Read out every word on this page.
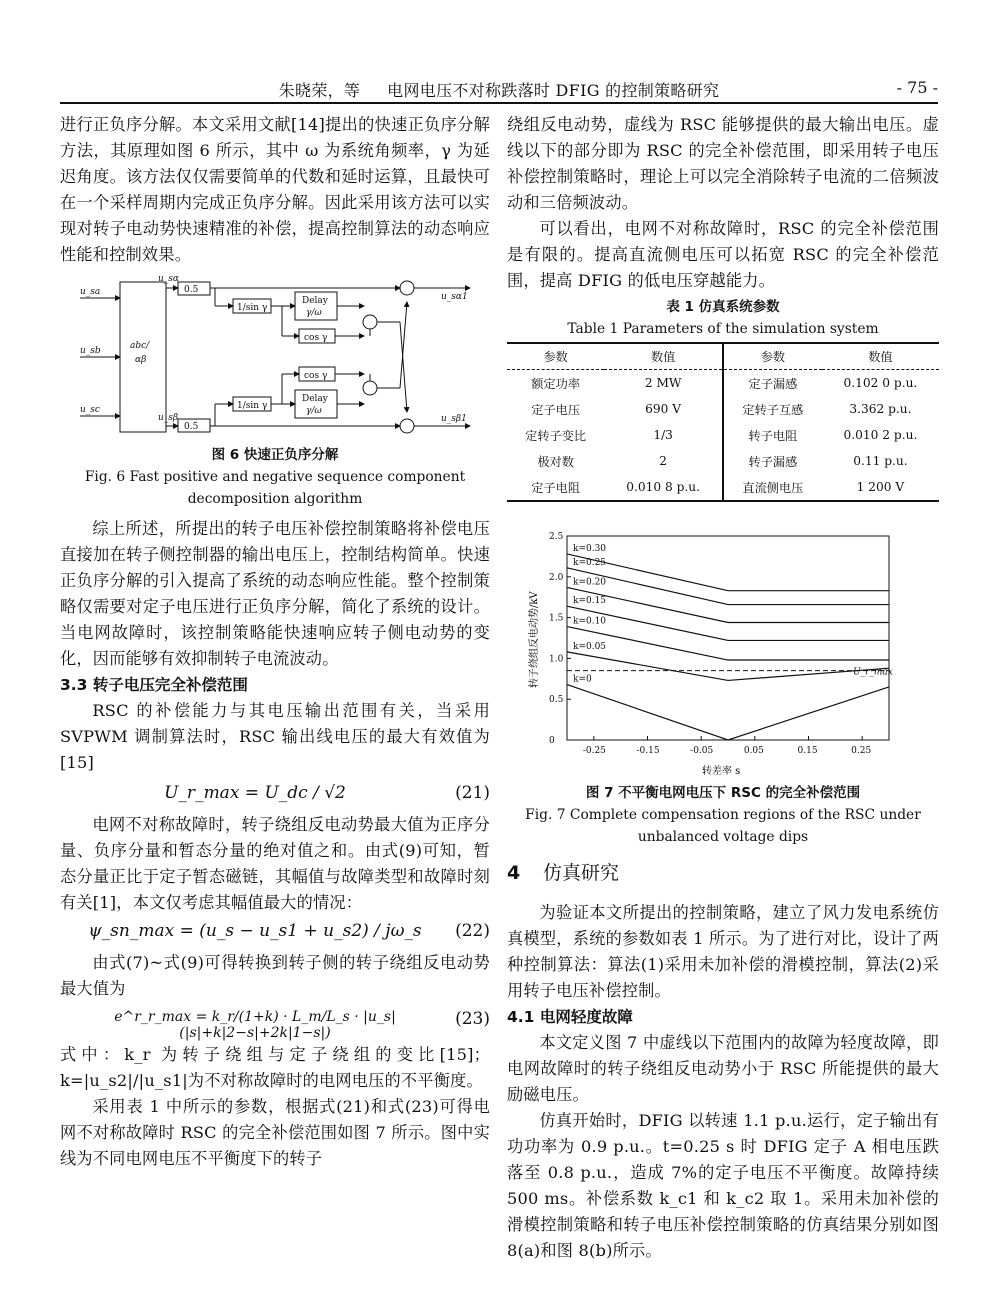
朱晓荣，等 电网电压不对称跌落时 DFIG 的控制策略研究	- 75 -

进行正负序分解。本文采用文献[14]提出的快速正负序分解方法，其原理如图 6 所示，其中 ω 为系统角频率，γ 为延迟角度。该方法仅仅需要简单的代数和延时运算，且最快可在一个采样周期内完成正负序分解。因此采用该方法可以实现对转子电动势快速精准的补偿，提高控制算法的动态响应性能和控制效果。

u_sa
u_sb
u_sc
abc/
αβ
u_sα
u_sβ
0.5
0.5
1/sin γ
1/sin γ
Delay
γ/ω
Delay
γ/ω
cos γ
cos γ
u_sα1
u_sβ1
图 6 快速正负序分解
Fig. 6 Fast positive and negative sequence component
decomposition algorithm

综上所述，所提出的转子电压补偿控制策略将补偿电压直接加在转子侧控制器的输出电压上，控制结构简单。快速正负序分解的引入提高了系统的动态响应性能。整个控制策略仅需要对定子电压进行正负序分解，简化了系统的设计。当电网故障时，该控制策略能快速响应转子侧电动势的变化，因而能够有效抑制转子电流波动。

3.3 转子电压完全补偿范围

RSC 的补偿能力与其电压输出范围有关，当采用 SVPWM 调制算法时，RSC 输出线电压的最大有效值为[15]

U_r_max = U_dc / √2	(21)

电网不对称故障时，转子绕组反电动势最大值为正序分量、负序分量和暂态分量的绝对值之和。由式(9)可知，暂态分量正比于定子暂态磁链，其幅值与故障类型和故障时刻有关[1]，本文仅考虑其幅值最大的情况：

ψ_sn_max = (u_s − u_s1 + u_s2) / jω_s	(22)

由式(7)~式(9)可得转换到转子侧的转子绕组反电动势最大值为

e^r_r_max = k_r/(1+k) · L_m/L_s · |u_s|(|s|+k|2−s|+2k|1−s|)
(23)

式中：k_r 为转子绕组与定子绕组的变比[15]；k=|u_s2|/|u_s1|为不对称故障时的电网电压的不平衡度。

采用表 1 中所示的参数，根据式(21)和式(23)可得电网不对称故障时 RSC 的完全补偿范围如图 7 所示。图中实线为不同电网电压不平衡度下的转子

绕组反电动势，虚线为 RSC 能够提供的最大输出电压。虚线以下的部分即为 RSC 的完全补偿范围，即采用转子电压补偿控制策略时，理论上可以完全消除转子电流的二倍频波动和三倍频波动。

可以看出，电网不对称故障时，RSC 的完全补偿范围是有限的。提高直流侧电压可以拓宽 RSC 的完全补偿范围，提高 DFIG 的低电压穿越能力。

表 1 仿真系统参数
Table 1 Parameters of the simulation system
参数	数值	参数	数值
额定功率	2 MW	定子漏感	0.102 0 p.u.
定子电压	690 V	定转子互感	3.362 p.u.
定转子变比	1/3	转子电阻	0.010 2 p.u.
极对数	2	转子漏感	0.11 p.u.
定子电阻	0.010 8 p.u.	直流侧电压	1 200 V
-0.25	-0.15	-0.05	0.05	0.15	0.25
0
0.5
1.0
1.5
2.0
2.5
k=0.30
k=0.25
k=0.20
k=0.15
k=0.10
k=0.05
k=0
U_r_max
转差率 s
转子绕组反电动势/kV
图 7 不平衡电网电压下 RSC 的完全补偿范围
Fig. 7 Complete compensation regions of the RSC under
unbalanced voltage dips
4 仿真研究

为验证本文所提出的控制策略，建立了风力发电系统仿真模型，系统的参数如表 1 所示。为了进行对比，设计了两种控制算法：算法(1)采用未加补偿的滑模控制，算法(2)采用转子电压补偿控制。

4.1 电网轻度故障

本文定义图 7 中虚线以下范围内的故障为轻度故障，即电网故障时的转子绕组反电动势小于 RSC 所能提供的最大励磁电压。

仿真开始时，DFIG 以转速 1.1 p.u.运行，定子输出有功功率为 0.9 p.u.。t=0.25 s 时 DFIG 定子 A 相电压跌落至 0.8 p.u.，造成 7%的定子电压不平衡度。故障持续 500 ms。补偿系数 k_c1 和 k_c2 取 1。采用未加补偿的滑模控制策略和转子电压补偿控制策略的仿真结果分别如图 8(a)和图 8(b)所示。
